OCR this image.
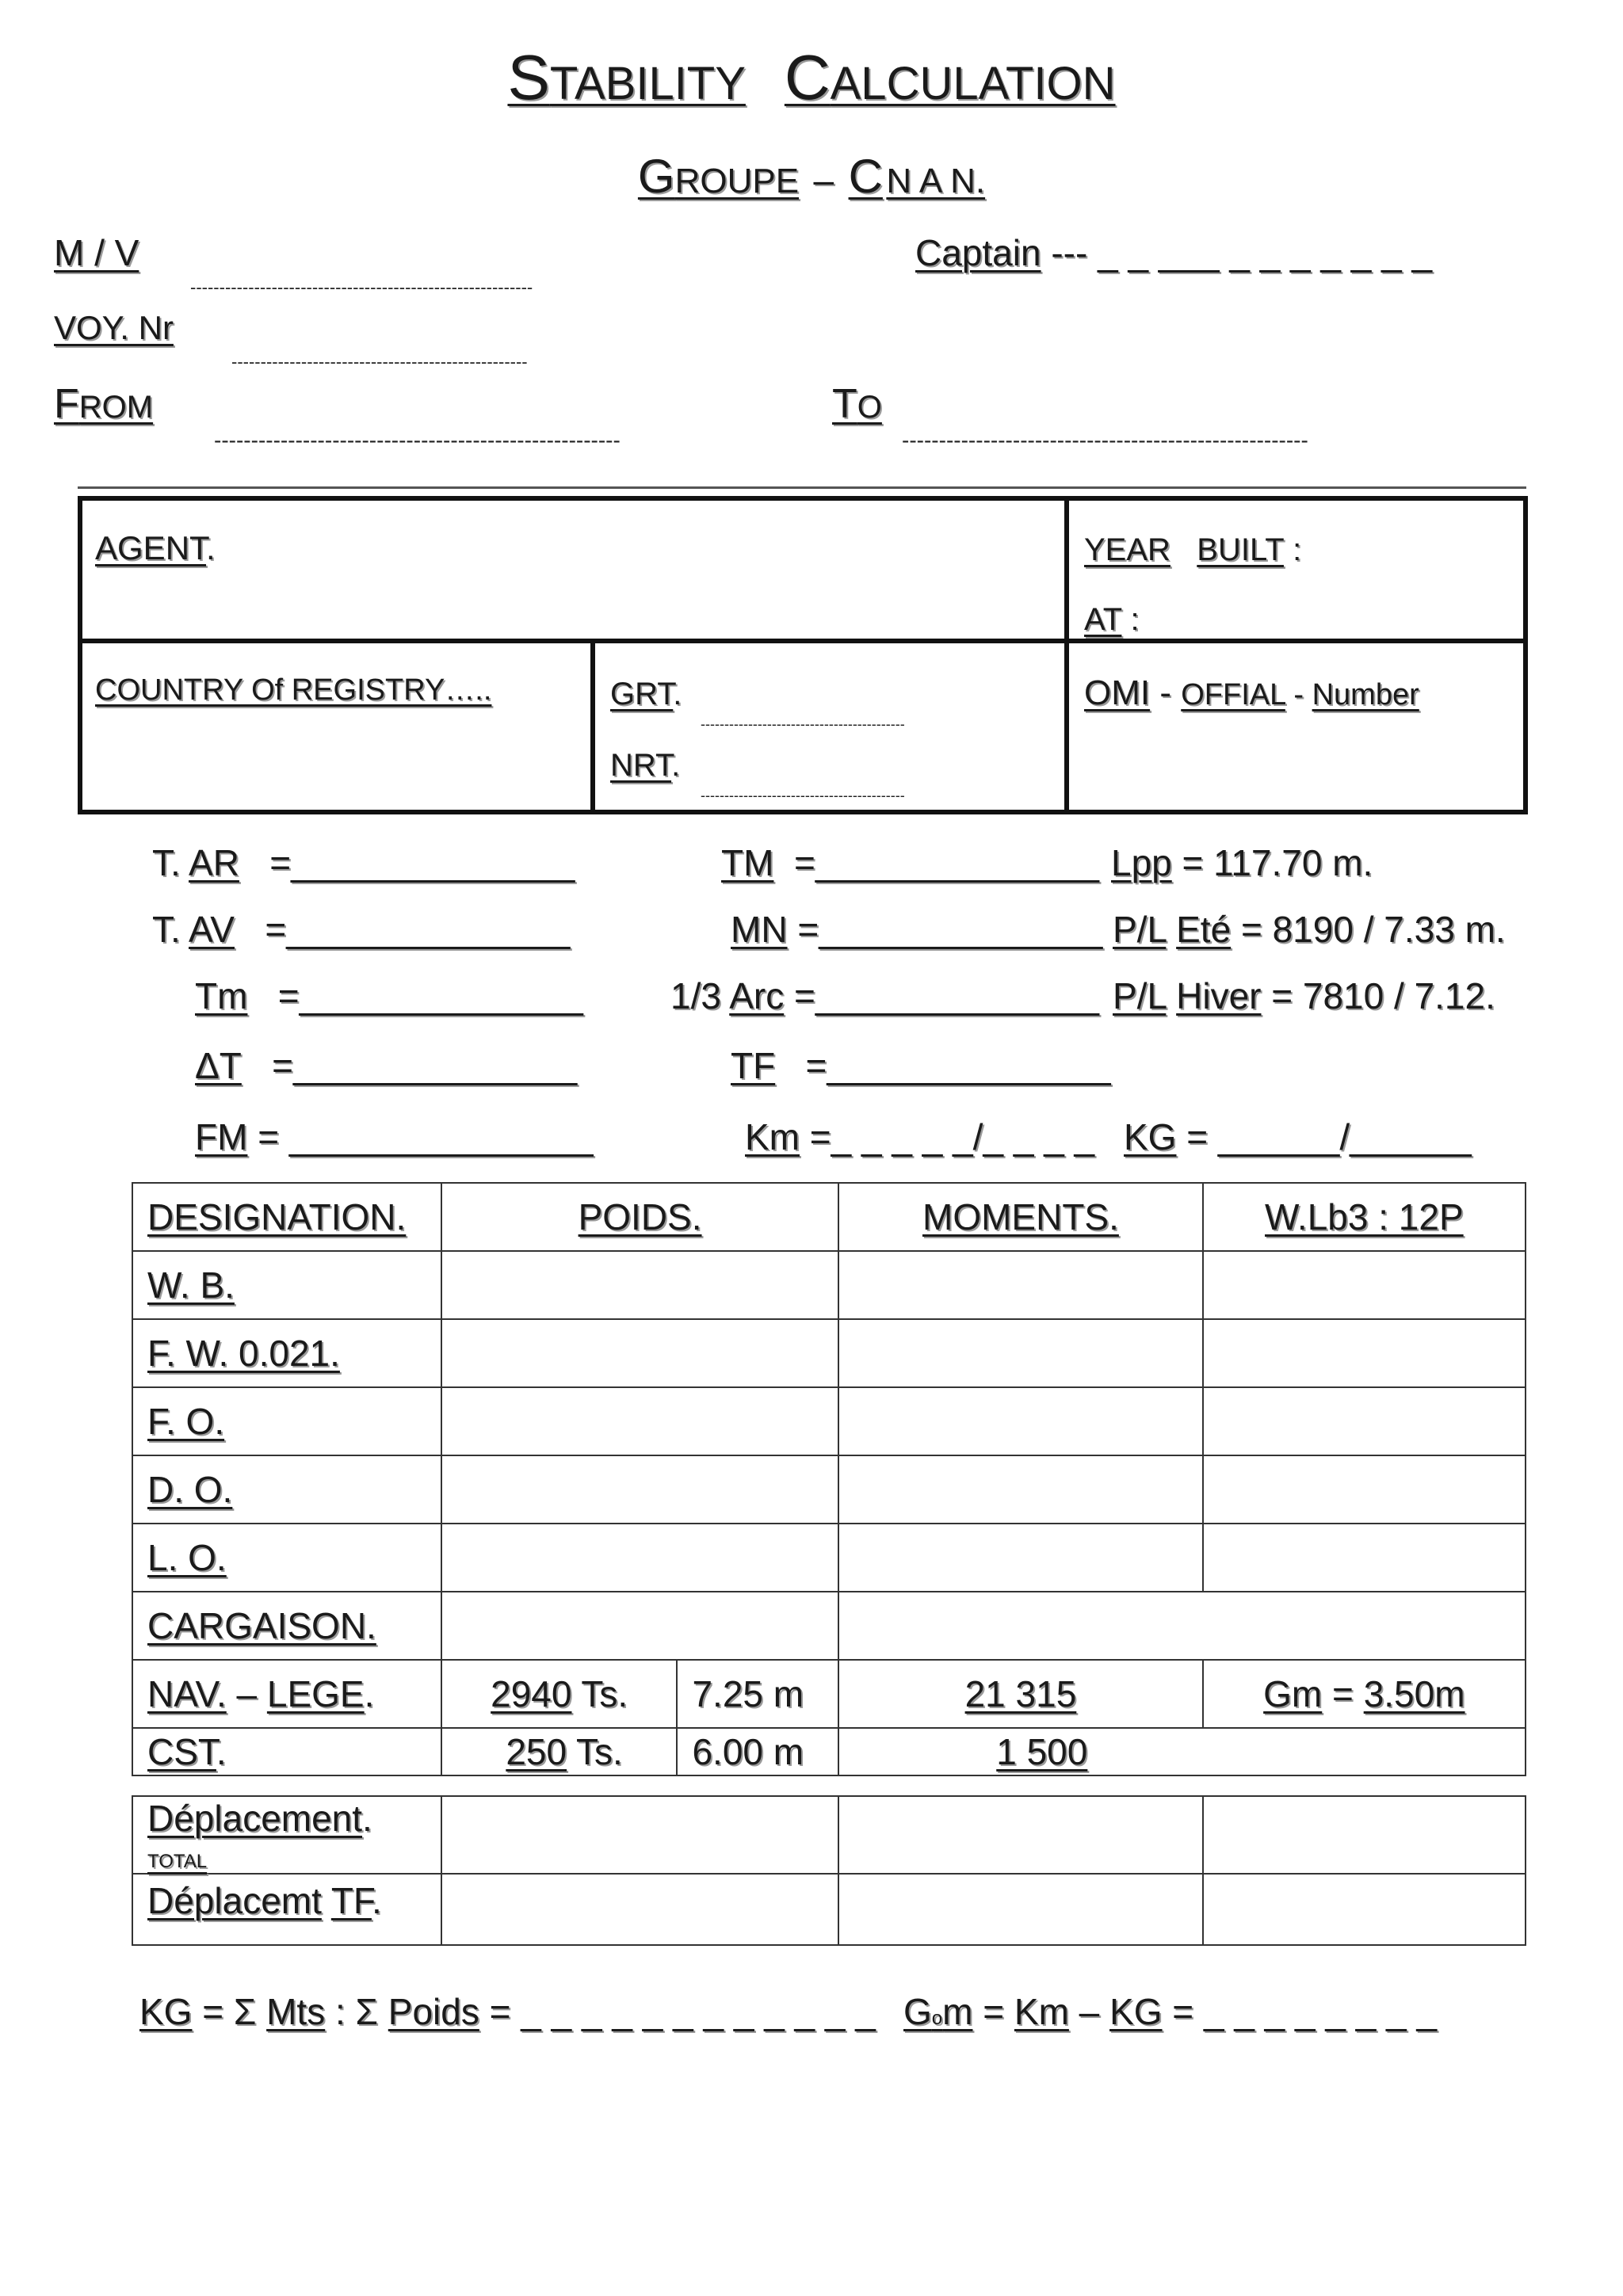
STABILITY CALCULATION
GROUPE – C N A N.
M / V
-----------------------------------------------------------
Captain --- _ _ ___ _ _ _ _ _ _ _
VOY. Nr
---------------------------------------------------
FROM
-------------------------------------------------------
TO
-------------------------------------------------------
AGENT.	YEAR BUILT :
AT :
COUNTRY Of REGISTRY…..	GRT.
-------------------------------------------
NRT.
-------------------------------------------
OMI - OFFIAL - Number
T. AR =______________
T. AV =______________
Tm =______________
ΔT =______________
FM = _______________
TM =______________
MN =______________
1/3 Arc =______________
TF =______________
Km =_ _ _ _ _/_ _ _ _ KG = ______/______
Lpp = 117.70 m.
P/L Eté = 8190 / 7.33 m.
P/L Hiver = 7810 / 7.12.
DESIGNATION.	POIDS.		MOMENTS.	W.Lb3 : 12P
W. B.				
F. W. 0.021.				
F. O.				
D. O.				
L. O.				
CARGAISON.				
NAV. – LEGE.	2940 Ts.	7.25 m	21 315	Gm = 3.50m
CST.	250 Ts.	6.00 m	1 500	
Déplacement.
TOTAL			
Déplacemt TF.			
KG = Σ Mts : Σ Poids = _ _ _ _ _ _ _ _ _ _ _ _ Gom = Km – KG = _ _ _ _ _ _ _ _
